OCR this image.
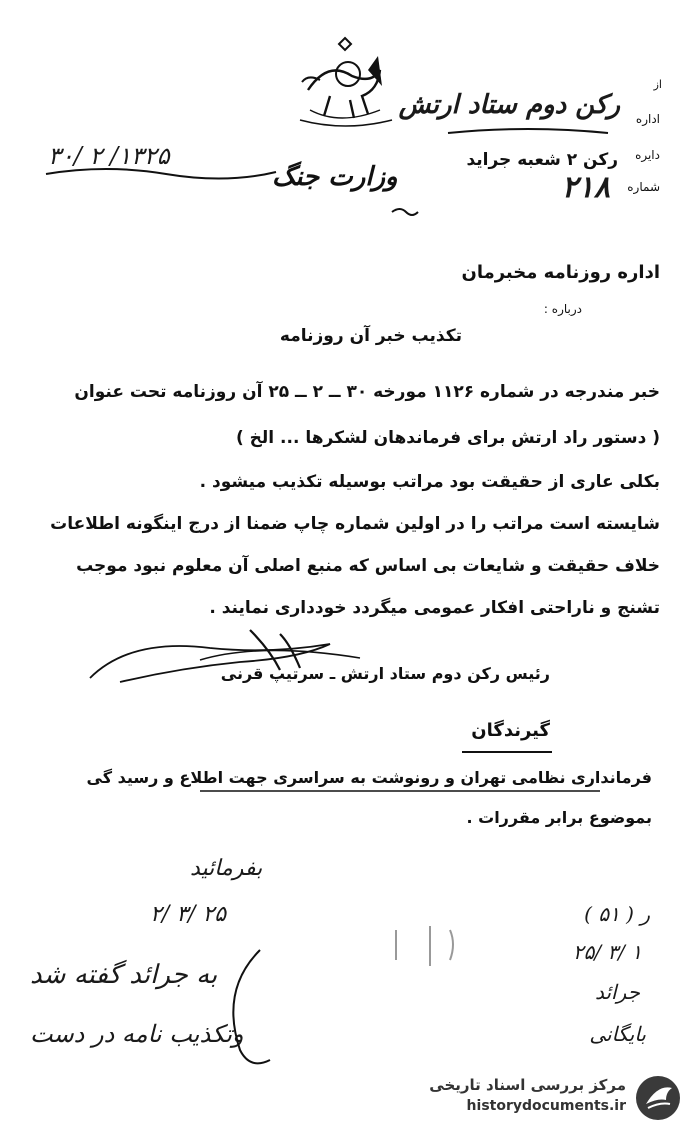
وزارت جنگ
۳۰/ ۲ /۱۳۲۵
از
اداره
رکن دوم ستاد ارتش
دایره
رکن ۲ شعبه جراید
شماره
۲۱۸
اداره روزنامه مخبرمان
درباره :
تکذیب خبر آن روزنامه
خبر مندرجه در شماره ۱۱۲۶ مورخه ۳۰ ــ ۲ ــ ۲۵ آن روزنامه تحت عنوان
( دستور راد ارتش برای فرماندهان لشکرها ... الخ )
بکلی عاری از حقیقت بود مراتب بوسیله تکذیب میشود .
شایسته است مراتب را در اولین شماره چاپ ضمنا از درج اینگونه اطلاعات
خلاف حقیقت و شایعات بی اساس که منبع اصلی آن معلوم نبود موجب
تشنج و ناراحتی افکار عمومی میگردد خودداری نمایند .
رئیس رکن دوم ستاد ارتش ـ سرتیپ قرنی
گیرندگان
فرمانداری نظامی تهران و رونوشت به سراسری جهت اطلاع و رسید گی
بموضوع برابر مقررات .
بفرمائید
۲/ ۳/ ۲۵
به جرائد گفته شد
وتکذیب نامه در دست
ر ( ۵۱ )
۲۵/ ۳/ ۱
جرائد
بایگانی
مرکز بررسی اسناد تاریخی
historydocuments.ir
